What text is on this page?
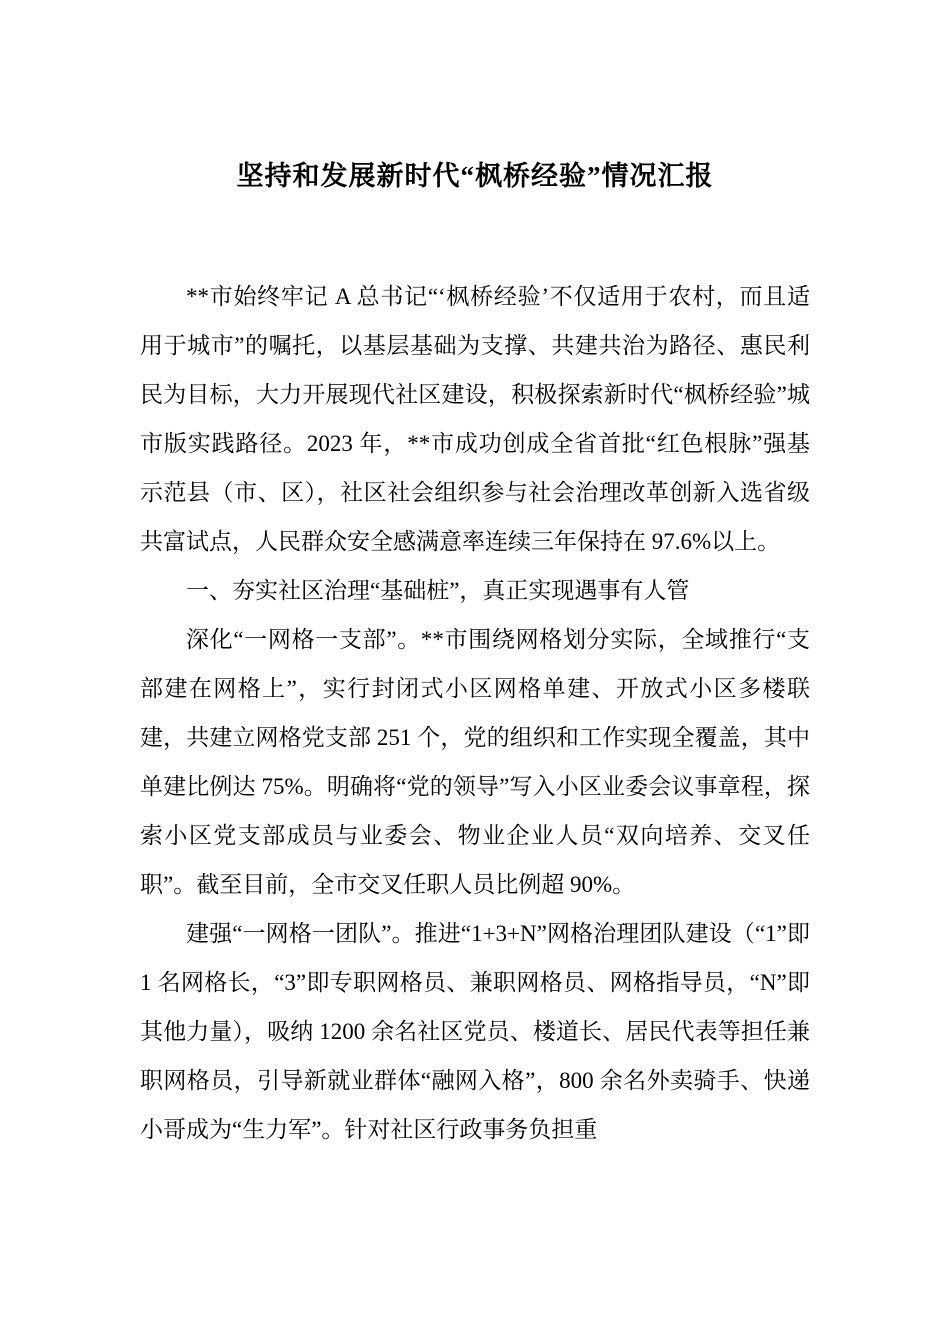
坚持和发展新时代“枫桥经验”情况汇报

**市始终牢记 A 总书记“‘枫桥经验’不仅适用于农村，而且适用于城市”的嘱托，以基层基础为支撑、共建共治为路径、惠民利民为目标，大力开展现代社区建设，积极探索新时代“枫桥经验”城市版实践路径。2023 年，**市成功创成全省首批“红色根脉”强基示范县（市、区），社区社会组织参与社会治理改革创新入选省级共富试点，人民群众安全感满意率连续三年保持在 97.6%以上。

一、夯实社区治理“基础桩”，真正实现遇事有人管

深化“一网格一支部”。**市围绕网格划分实际，全域推行“支部建在网格上”，实行封闭式小区网格单建、开放式小区多楼联建，共建立网格党支部 251 个，党的组织和工作实现全覆盖，其中单建比例达 75%。明确将“党的领导”写入小区业委会议事章程，探索小区党支部成员与业委会、物业企业人员“双向培养、交叉任职”。截至目前，全市交叉任职人员比例超 90%。

建强“一网格一团队”。推进“1+3+N”网格治理团队建设（“1”即 1 名网格长，“3”即专职网格员、兼职网格员、网格指导员，“N”即其他力量），吸纳 1200 余名社区党员、楼道长、居民代表等担任兼职网格员，引导新就业群体“融网入格”，800 余名外卖骑手、快递小哥成为“生力军”。针对社区行政事务负担重
